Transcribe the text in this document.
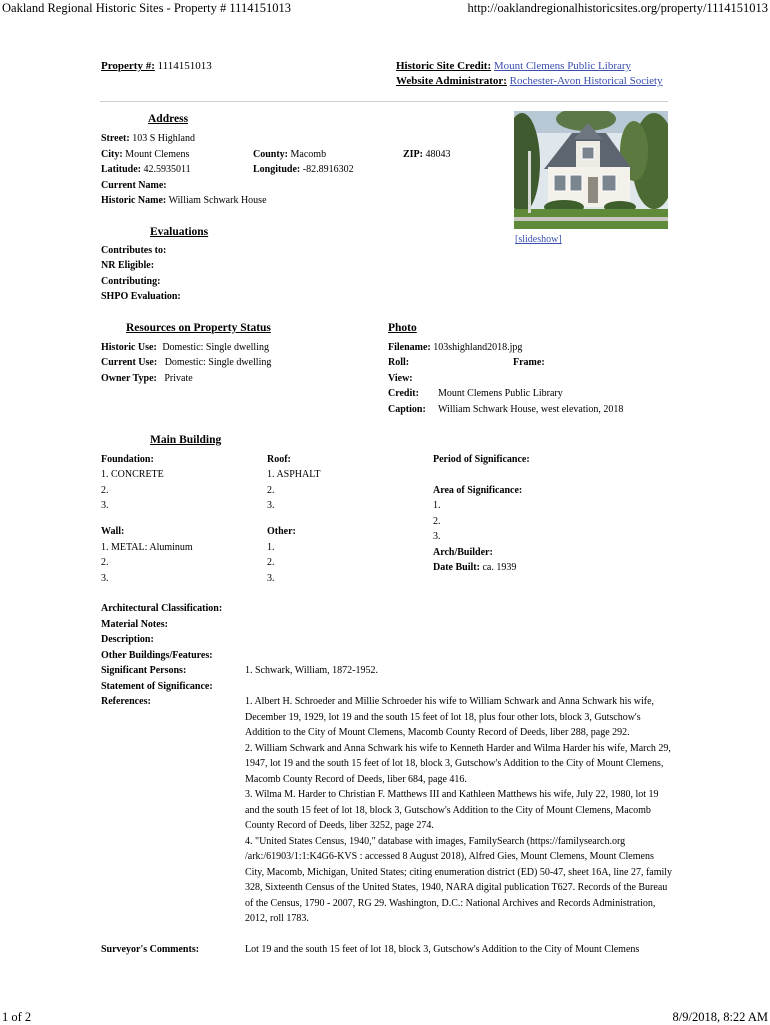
Oakland Regional Historic Sites - Property # 1114151013	http://oaklandregionalhistoricsites.org/property/1114151013
Property #: 1114151013	Historic Site Credit: Mount Clemens Public Library
Website Administrator: Rochester-Avon Historical Society
[slideshow]
Address
Street: 103 S Highland
City: Mount Clemens	County: Macomb	ZIP: 48043
Latitude: 42.5935011	Longitude: -82.8916302
Current Name:
Historic Name: William Schwark House
Evaluations
Contributes to:
NR Eligible:
Contributing:
SHPO Evaluation:
Resources on Property Status
Historic Use: Domestic: Single dwelling
Current Use: Domestic: Single dwelling
Owner Type: Private
Photo
Filename: 103shighland2018.jpg
Roll:	Frame:
View:
Credit: Mount Clemens Public Library
Caption: William Schwark House, west elevation, 2018
Main Building
Foundation:
1. CONCRETE
2.
3.
Roof:
1. ASPHALT
2.
3.
Wall:
1. METAL: Aluminum
2.
3.
Other:
1.
2.
3.
Period of Significance:
Area of Significance:
1.
2.
3.
Arch/Builder:
Date Built: ca. 1939
Architectural Classification:
Material Notes:
Description:
Other Buildings/Features:
Significant Persons:	1. Schwark, William, 1872-1952.
Statement of Significance:
References:	1. Albert H. Schroeder and Millie Schroeder his wife to William Schwark and Anna Schwark his wife, December 19, 1929, lot 19 and the south 15 feet of lot 18, plus four other lots, block 3, Gutschow's Addition to the City of Mount Clemens, Macomb County Record of Deeds, liber 288, page 292.
2. William Schwark and Anna Schwark his wife to Kenneth Harder and Wilma Harder his wife, March 29, 1947, lot 19 and the south 15 feet of lot 18, block 3, Gutschow's Addition to the City of Mount Clemens, Macomb County Record of Deeds, liber 684, page 416.
3. Wilma M. Harder to Christian F. Matthews III and Kathleen Matthews his wife, July 22, 1980, lot 19 and the south 15 feet of lot 18, block 3, Gutschow's Addition to the City of Mount Clemens, Macomb County Record of Deeds, liber 3252, page 274.
4. "United States Census, 1940," database with images, FamilySearch (https://familysearch.org /ark:/61903/1:1:K4G6-KVS : accessed 8 August 2018), Alfred Gies, Mount Clemens, Mount Clemens City, Macomb, Michigan, United States; citing enumeration district (ED) 50-47, sheet 16A, line 27, family 328, Sixteenth Census of the United States, 1940, NARA digital publication T627. Records of the Bureau of the Census, 1790 - 2007, RG 29. Washington, D.C.: National Archives and Records Administration, 2012, roll 1783.
Surveyor's Comments:	Lot 19 and the south 15 feet of lot 18, block 3, Gutschow's Addition to the City of Mount Clemens
1 of 2	8/9/2018, 8:22 AM
